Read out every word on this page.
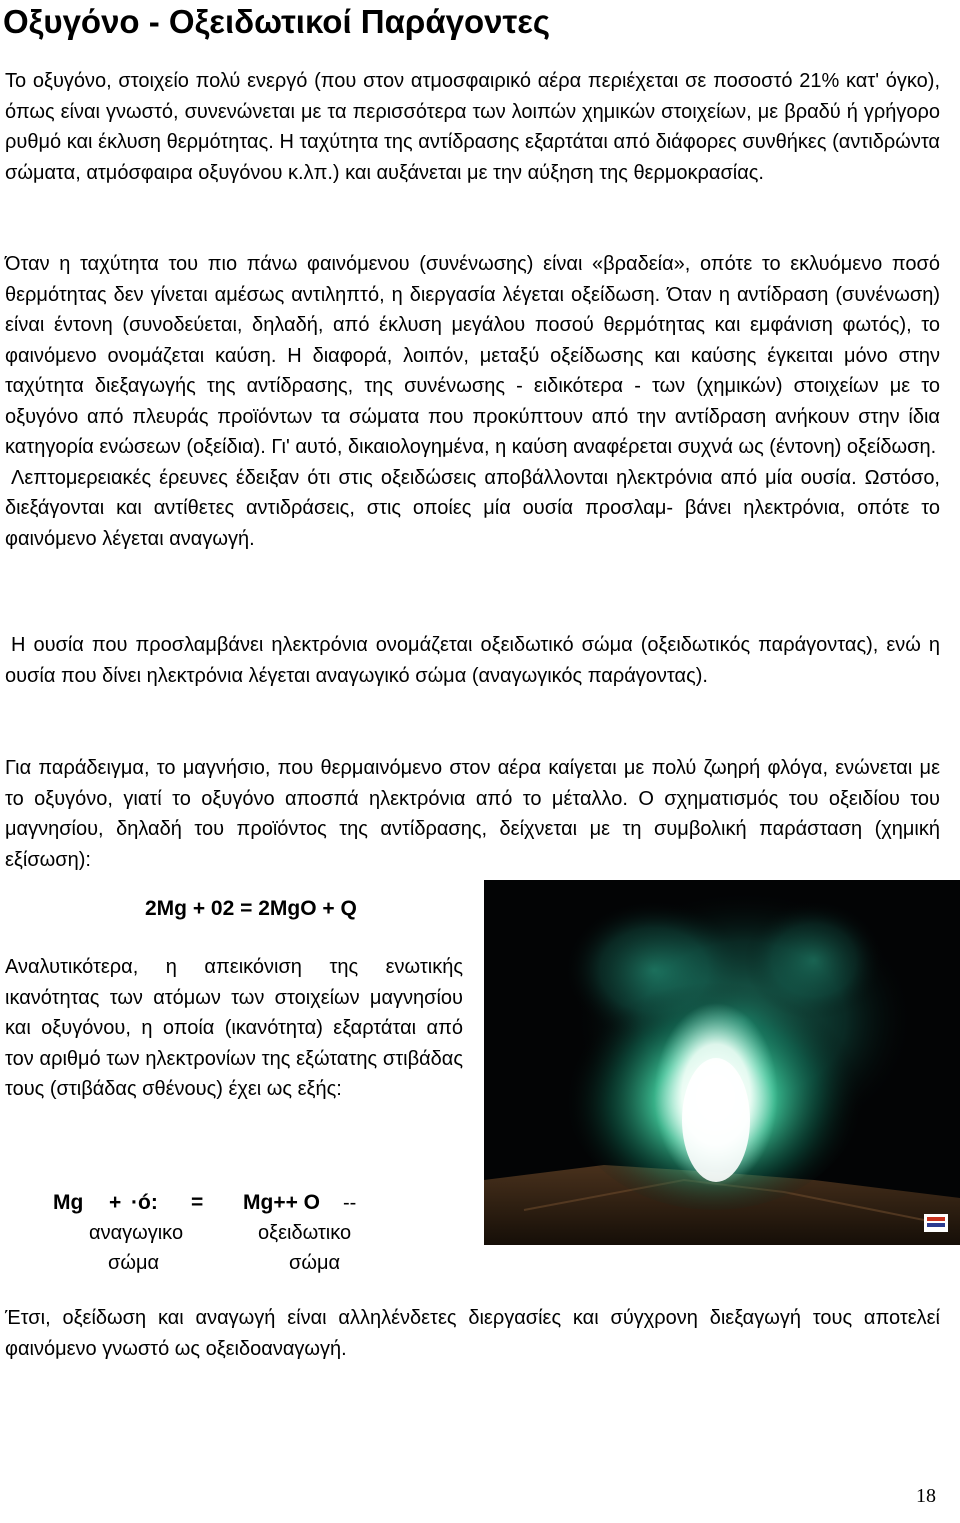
Οξυγόνο - Οξειδωτικοί Παράγοντες

Το οξυγόνο, στοιχείο πολύ ενεργό (που στον ατμοσφαιρικό αέρα περιέχεται σε ποσοστό 21% κατ' όγκο), όπως είναι γνωστό, συνενώνεται με τα περισσότερα των λοιπών χημικών στοιχείων, με βραδύ ή γρήγορο ρυθμό και έκλυση θερμότητας. Η ταχύτητα της αντίδρασης εξαρτάται από διάφορες συνθήκες (αντιδρώντα σώματα, ατμόσφαιρα οξυγόνου κ.λπ.) και αυξάνεται με την αύξηση της θερμοκρασίας.

Όταν η ταχύτητα του πιο πάνω φαινόμενου (συνένωσης) είναι «βραδεία», οπότε το εκλυόμενο ποσό θερμότητας δεν γίνεται αμέσως αντιληπτό, η διεργασία λέγεται οξείδωση. Όταν η αντίδραση (συνένωση) είναι έντονη (συνοδεύεται, δηλαδή, από έκλυση μεγάλου ποσού θερμότητας και εμφάνιση φωτός), το φαινόμενο ονομάζεται καύση. Η διαφορά, λοιπόν, μεταξύ οξείδωσης και καύσης έγκειται μόνο στην ταχύτητα διεξαγωγής της αντίδρασης, της συνένωσης - ειδικότερα - των (χημικών) στοιχείων με το οξυγόνο από πλευράς προϊόντων τα σώματα που προκύπτουν από την αντίδραση ανήκουν στην ίδια κατηγορία ενώσεων (οξείδια). Γι' αυτό, δικαιολογημένα, η καύση αναφέρεται συχνά ως (έντονη) οξείδωση.
Λεπτομερειακές έρευνες έδειξαν ότι στις οξειδώσεις αποβάλλονται ηλεκτρόνια από μία ουσία. Ωστόσο, διεξάγονται και αντίθετες αντιδράσεις, στις οποίες μία ουσία προσλαμ- βάνει ηλεκτρόνια, οπότε το φαινόμενο λέγεται αναγωγή.

Η ουσία που προσλαμβάνει ηλεκτρόνια ονομάζεται οξειδωτικό σώμα (οξειδωτικός παράγοντας), ενώ η ουσία που δίνει ηλεκτρόνια λέγεται αναγωγικό σώμα (αναγωγικός παράγοντας).

Για παράδειγμα, το μαγνήσιο, που θερμαινόμενο στον αέρα καίγεται με πολύ ζωηρή φλόγα, ενώνεται με το οξυγόνο, γιατί το οξυγόνο αποσπά ηλεκτρόνια από το μέταλλο. Ο σχηματισμός του οξειδίου του μαγνησίου, δηλαδή του προϊόντος της αντίδρασης, δείχνεται με τη συμβολική παράσταση (χημική εξίσωση):

2Mg + 02 = 2MgO + Q

Αναλυτικότερα, η απεικόνιση της ενωτικής ικανότητας των ατόμων των στοιχείων μαγνησίου και οξυγόνου, η οποία (ικανότητα) εξαρτάται από τον αριθμό των ηλεκτρονίων της εξώτατης στιβάδας τους (στιβάδας σθένους) έχει ως εξής:

Mg + ·ó: = Mg++ O --
αναγωγικο
σώμα
οξειδωτικο
σώμα

Έτσι, οξείδωση και αναγωγή είναι αλληλένδετες διεργασίες και σύγχρονη διεξαγωγή τους αποτελεί φαινόμενο γνωστό ως οξειδοαναγωγή.

18
